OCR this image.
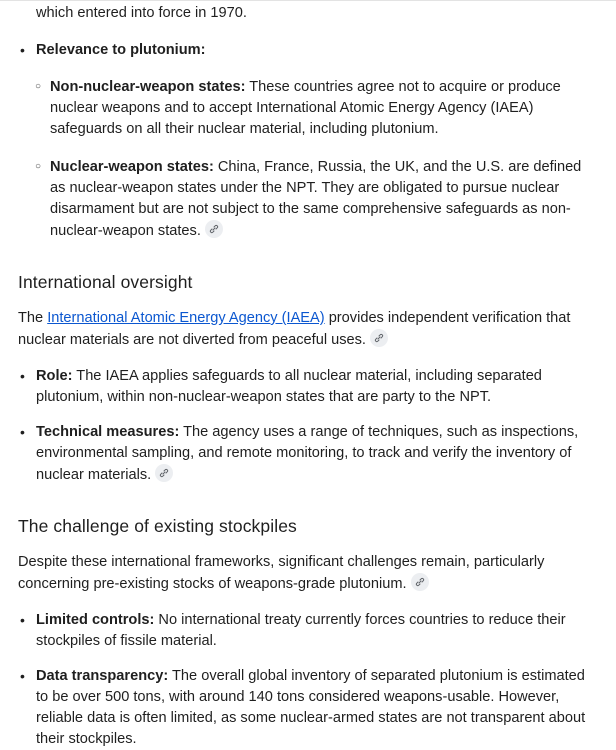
which entered into force in 1970.

• Relevance to plutonium:
○ Non-nuclear-weapon states: These countries agree not to acquire or produce nuclear weapons and to accept International Atomic Energy Agency (IAEA) safeguards on all their nuclear material, including plutonium.
○ Nuclear-weapon states: China, France, Russia, the UK, and the U.S. are defined as nuclear-weapon states under the NPT. They are obligated to pursue nuclear disarmament but are not subject to the same comprehensive safeguards as non-nuclear-weapon states.
International oversight

The International Atomic Energy Agency (IAEA) provides independent verification that nuclear materials are not diverted from peaceful uses.

• Role: The IAEA applies safeguards to all nuclear material, including separated plutonium, within non-nuclear-weapon states that are party to the NPT.
• Technical measures: The agency uses a range of techniques, such as inspections, environmental sampling, and remote monitoring, to track and verify the inventory of nuclear materials.
The challenge of existing stockpiles

Despite these international frameworks, significant challenges remain, particularly concerning pre-existing stocks of weapons-grade plutonium.

• Limited controls: No international treaty currently forces countries to reduce their stockpiles of fissile material.
• Data transparency: The overall global inventory of separated plutonium is estimated to be over 500 tons, with around 140 tons considered weapons-usable. However, reliable data is often limited, as some nuclear-armed states are not transparent about their stockpiles.
